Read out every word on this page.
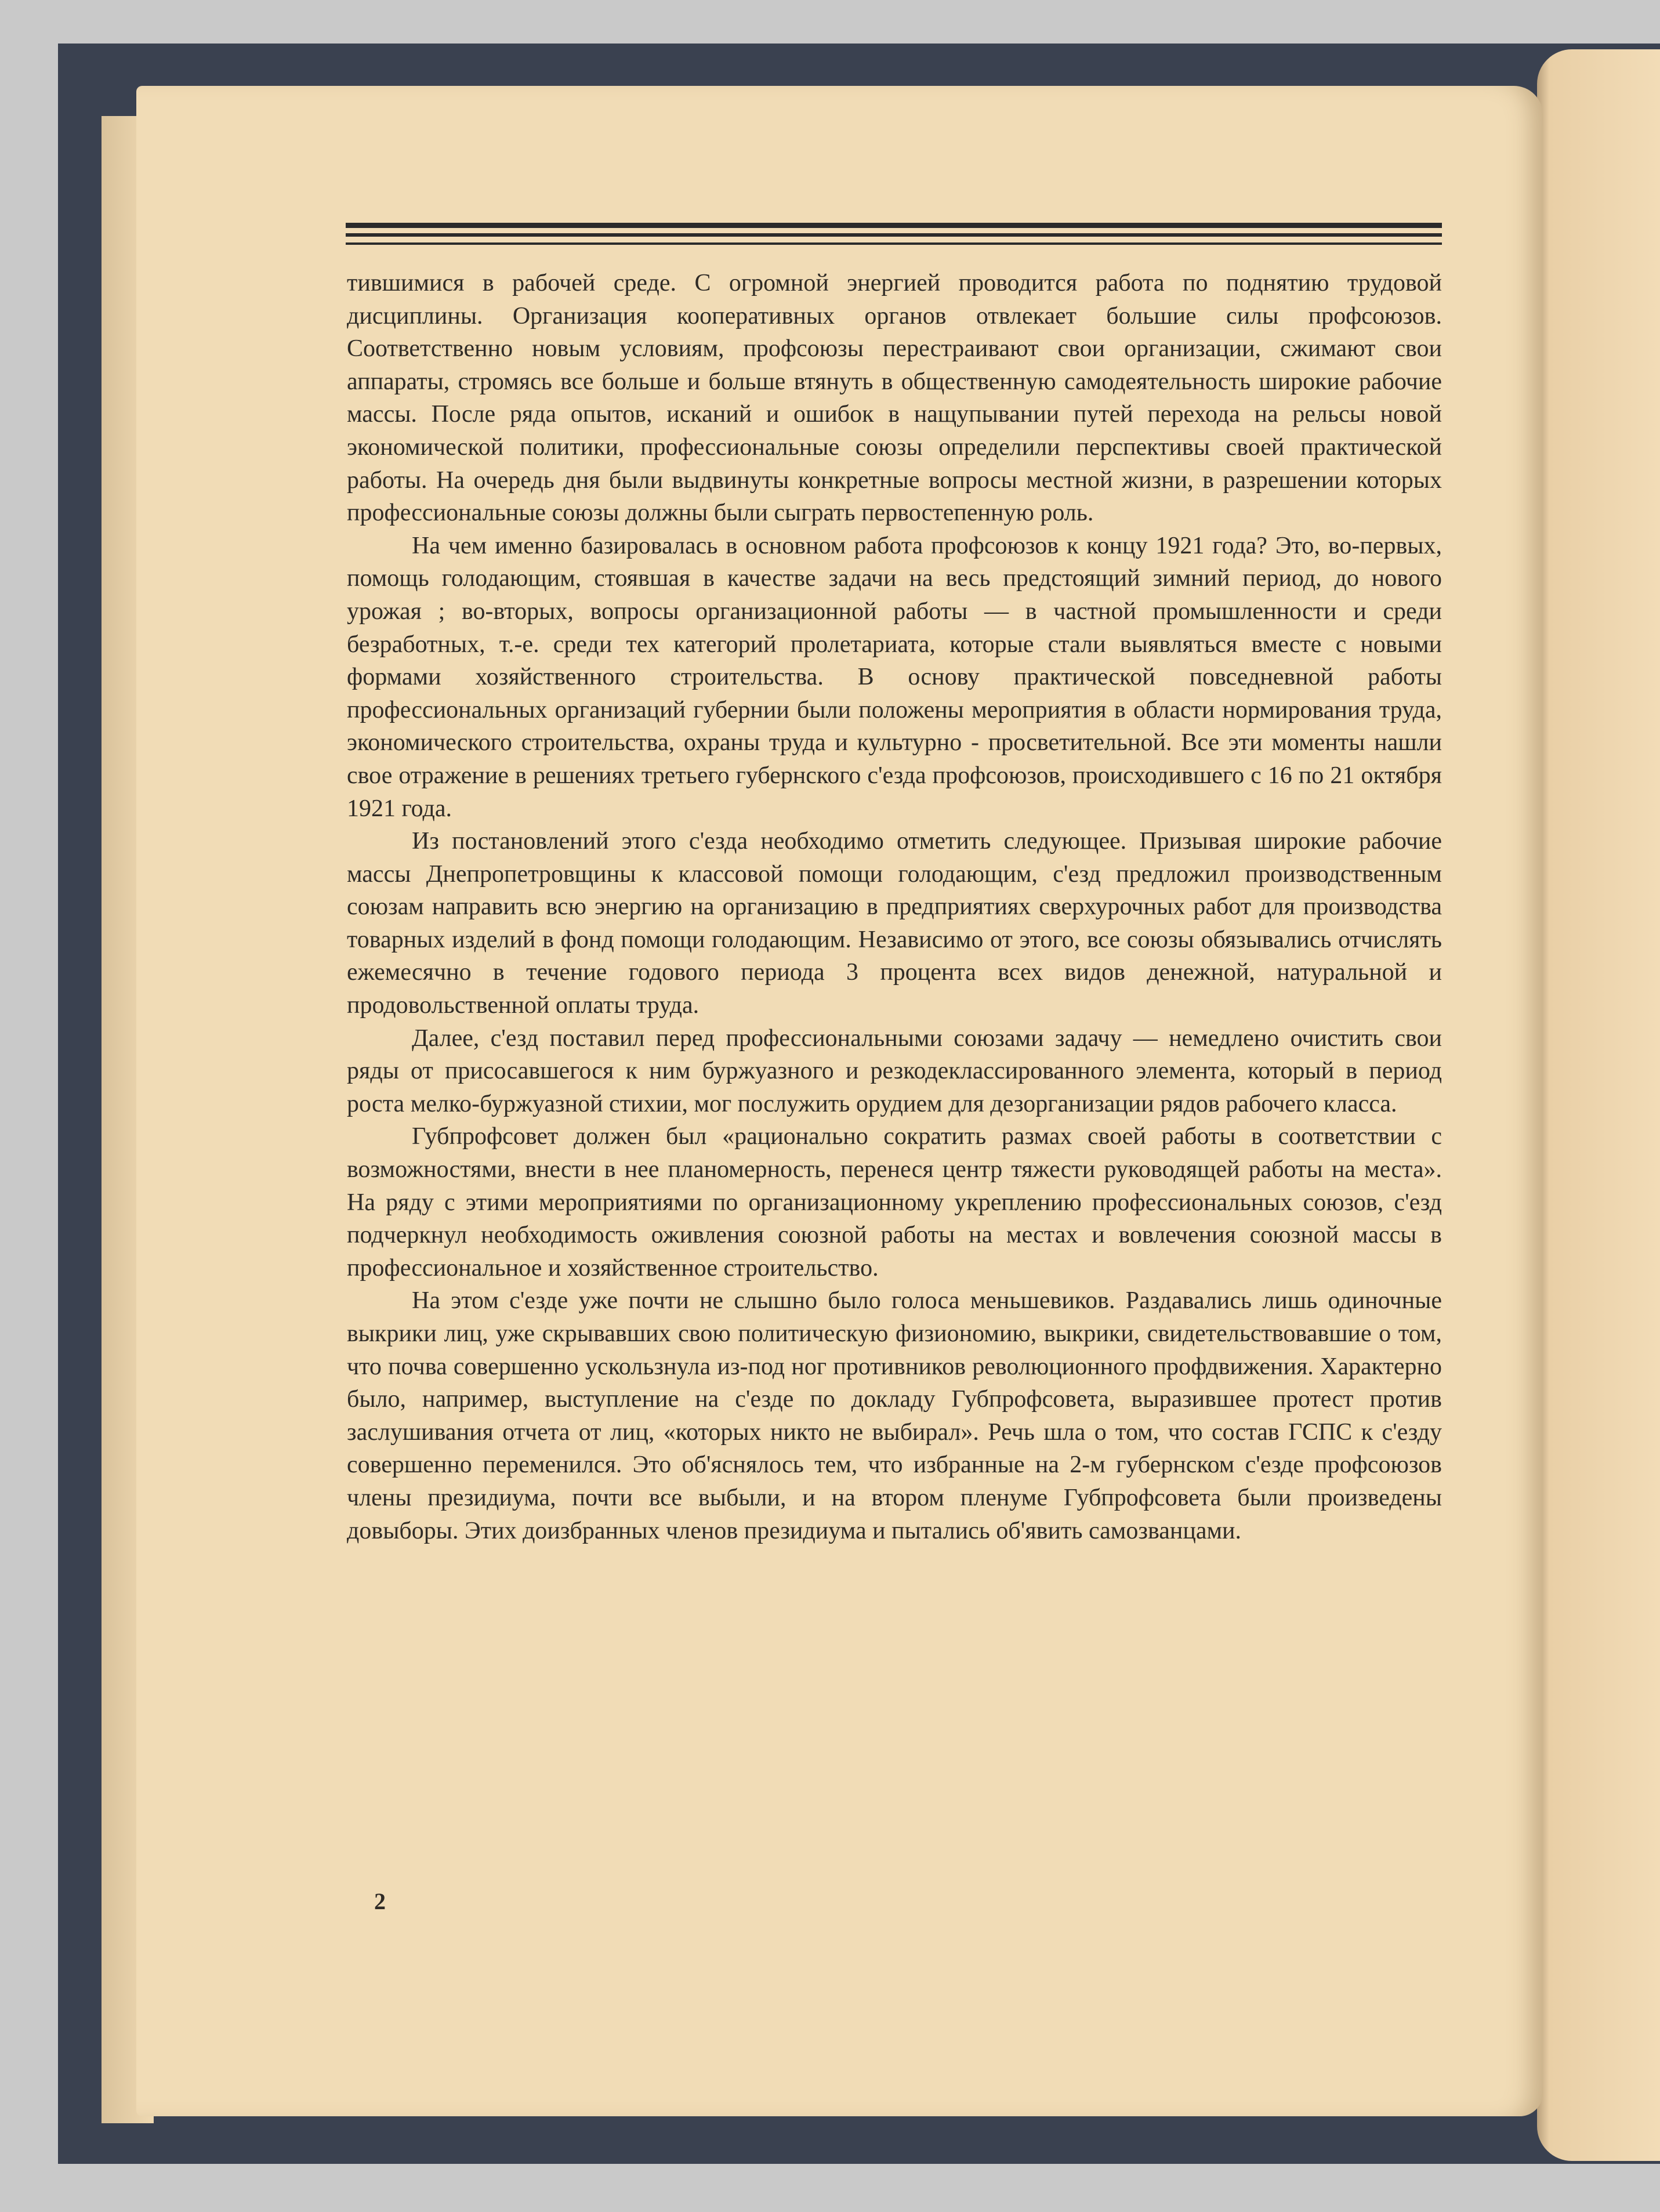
тившимися в рабочей среде. С огромной энергией проводится работа по поднятию трудовой дисциплины. Организация кооперативных органов отвлекает большие силы профсоюзов. Соответственно новым условиям, профсоюзы перестраивают свои организации, сжимают свои аппараты, стромясь все больше и больше втянуть в общественную самодеятельность широкие рабочие массы. После ряда опытов, исканий и ошибок в нащупывании путей перехода на рельсы новой экономической политики, профессиональные союзы определили перспективы своей практической работы. На очередь дня были выдвинуты конкретные вопросы местной жизни, в разрешении которых профессиональные союзы должны были сыграть первостепенную роль.

На чем именно базировалась в основном работа профсоюзов к концу 1921 года? Это, во-первых, помощь голодающим, стоявшая в качестве задачи на весь предстоящий зимний период, до нового урожая ; во-вторых, вопросы организационной работы — в частной промышленности и среди безработных, т.-е. среди тех категорий пролетариата, которые стали выявляться вместе с новыми формами хозяйственного строительства. В основу практической повседневной работы профессиональных организаций губернии были положены мероприятия в области нормирования труда, экономического строительства, охраны труда и культурно - просветительной. Все эти моменты нашли свое отражение в решениях третьего губернского с'езда профсоюзов, происходившего с 16 по 21 октября 1921 года.

Из постановлений этого с'езда необходимо отметить следующее. Призывая широкие рабочие массы Днепропетровщины к классовой помощи голодающим, с'езд предложил производственным союзам направить всю энергию на организацию в предприятиях сверхурочных работ для производства товарных изделий в фонд помощи голодающим. Независимо от этого, все союзы обязывались отчислять ежемесячно в течение годового периода 3 процента всех видов денежной, натуральной и продовольственной оплаты труда.

Далее, с'езд поставил перед профессиональными союзами задачу — немедлено очистить свои ряды от присосавшегося к ним буржуазного и резкодеклассированного элемента, который в период роста мелко-буржуазной стихии, мог послужить орудием для дезорганизации рядов рабочего класса.

Губпрофсовет должен был «рационально сократить размах своей работы в соответствии с возможностями, внести в нее планомерность, перенеся центр тяжести руководящей работы на места». На ряду с этими мероприятиями по организационному укреплению профессиональных союзов, с'езд подчеркнул необходимость оживления союзной работы на местах и вовлечения союзной массы в профессиональное и хозяйственное строительство.

На этом с'езде уже почти не слышно было голоса меньшевиков. Раздавались лишь одиночные выкрики лиц, уже скрывавших свою политическую физиономию, выкрики, свидетельствовавшие о том, что почва совершенно ускользнула из-под ног противников революционного профдвижения. Характерно было, например, выступление на с'езде по докладу Губпрофсовета, выразившее протест против заслушивания отчета от лиц, «которых никто не выбирал». Речь шла о том, что состав ГСПС к с'езду совершенно переменился. Это об'яснялось тем, что избранные на 2-м губернском с'езде профсоюзов члены президиума, почти все выбыли, и на втором пленуме Губпрофсовета были произведены довыборы. Этих доизбранных членов президиума и пытались об'явить самозванцами.

2
